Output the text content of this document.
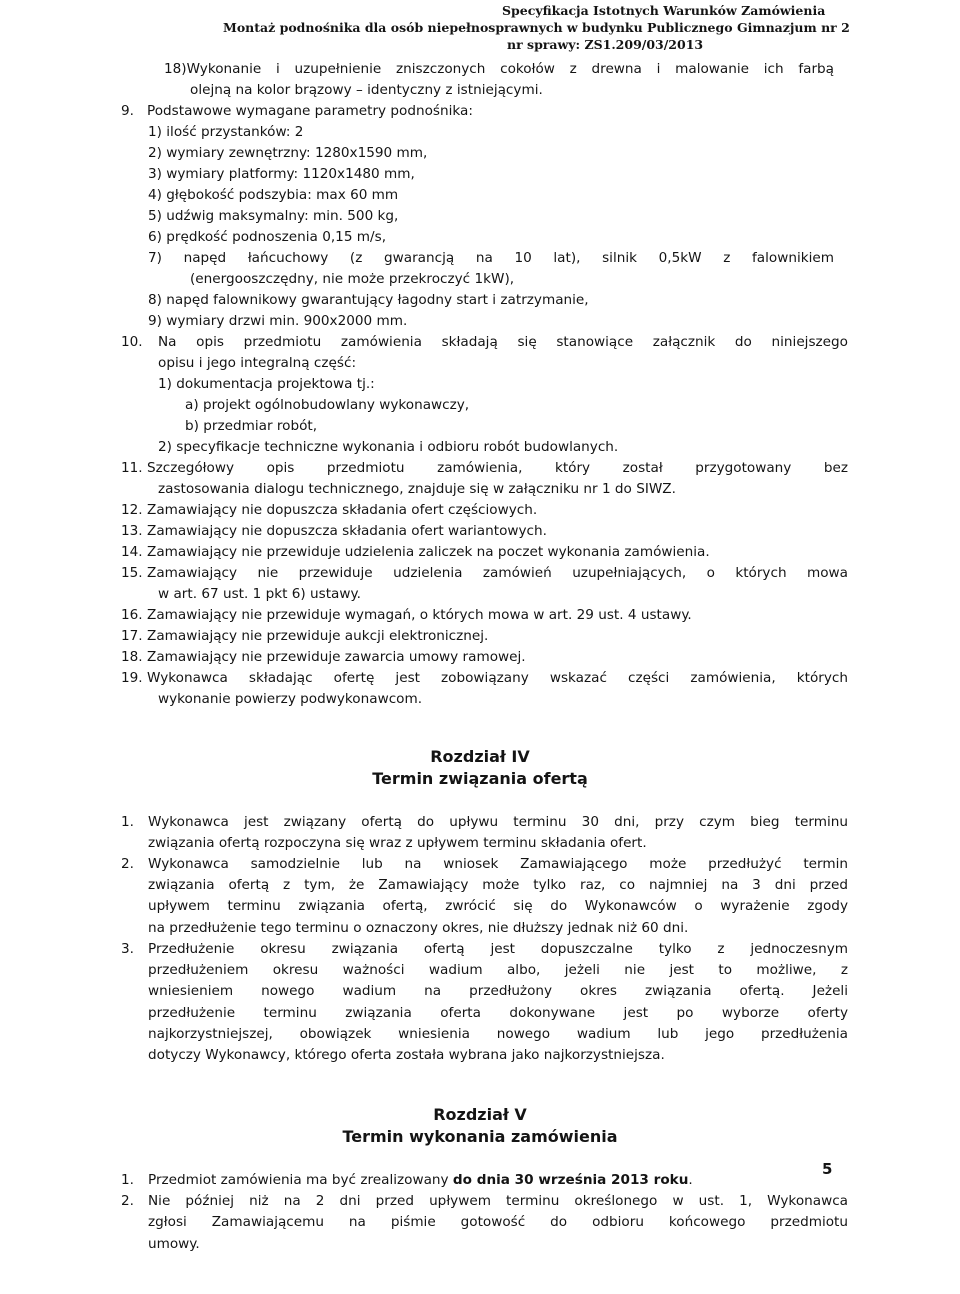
Specyfikacja Istotnych Warunków Zamówienia
Montaż podnośnika dla osób niepełnosprawnych w budynku Publicznego Gimnazjum nr 2
nr sprawy: ZS1.209/03/2013
18)Wykonanie i uzupełnienie zniszczonych cokołów z drewna i malowanie ich farbą
olejną na kolor brązowy – identyczny z istniejącymi.
9. Podstawowe wymagane parametry podnośnika:
1) ilość przystanków: 2
2) wymiary zewnętrzny: 1280x1590 mm,
3) wymiary platformy: 1120x1480 mm,
4) głębokość podszybia: max 60 mm
5) udźwig maksymalny: min. 500 kg,
6) prędkość podnoszenia 0,15 m/s,
7) napęd łańcuchowy (z gwarancją na 10 lat), silnik 0,5kW z falownikiem
(energooszczędny, nie może przekroczyć 1kW),
8) napęd falownikowy gwarantujący łagodny start i zatrzymanie,
9) wymiary drzwi min. 900x2000 mm.
10. Na opis przedmiotu zamówienia składają się stanowiące załącznik do niniejszego
opisu i jego integralną część:
1) dokumentacja projektowa tj.:
a) projekt ogólnobudowlany wykonawczy,
b) przedmiar robót,
2) specyfikacje techniczne wykonania i odbioru robót budowlanych.
11. Szczegółowy opis przedmiotu zamówienia, który został przygotowany bez
zastosowania dialogu technicznego, znajduje się w załączniku nr 1 do SIWZ.
12. Zamawiający nie dopuszcza składania ofert częściowych.
13. Zamawiający nie dopuszcza składania ofert wariantowych.
14. Zamawiający nie przewiduje udzielenia zaliczek na poczet wykonania zamówienia.
15. Zamawiający nie przewiduje udzielenia zamówień uzupełniających, o których mowa
w art. 67 ust. 1 pkt 6) ustawy.
16. Zamawiający nie przewiduje wymagań, o których mowa w art. 29 ust. 4 ustawy.
17. Zamawiający nie przewiduje aukcji elektronicznej.
18. Zamawiający nie przewiduje zawarcia umowy ramowej.
19. Wykonawca składając ofertę jest zobowiązany wskazać części zamówienia, których
wykonanie powierzy podwykonawcom.
Rozdział IV
Termin związania ofertą
1. Wykonawca jest związany ofertą do upływu terminu 30 dni, przy czym bieg terminu
związania ofertą rozpoczyna się wraz z upływem terminu składania ofert.
2. Wykonawca samodzielnie lub na wniosek Zamawiającego może przedłużyć termin
związania ofertą z tym, że Zamawiający może tylko raz, co najmniej na 3 dni przed
upływem terminu związania ofertą, zwrócić się do Wykonawców o wyrażenie zgody
na przedłużenie tego terminu o oznaczony okres, nie dłuższy jednak niż 60 dni.
3. Przedłużenie okresu związania ofertą jest dopuszczalne tylko z jednoczesnym
przedłużeniem okresu ważności wadium albo, jeżeli nie jest to możliwe, z
wniesieniem nowego wadium na przedłużony okres związania ofertą. Jeżeli
przedłużenie terminu związania oferta dokonywane jest po wyborze oferty
najkorzystniejszej, obowiązek wniesienia nowego wadium lub jego przedłużenia
dotyczy Wykonawcy, którego oferta została wybrana jako najkorzystniejsza.
Rozdział V
Termin wykonania zamówienia
1. Przedmiot zamówienia ma być zrealizowany do dnia 30 września 2013 roku.
2. Nie później niż na 2 dni przed upływem terminu określonego w ust. 1, Wykonawca
zgłosi Zamawiającemu na piśmie gotowość do odbioru końcowego przedmiotu
umowy.
5
